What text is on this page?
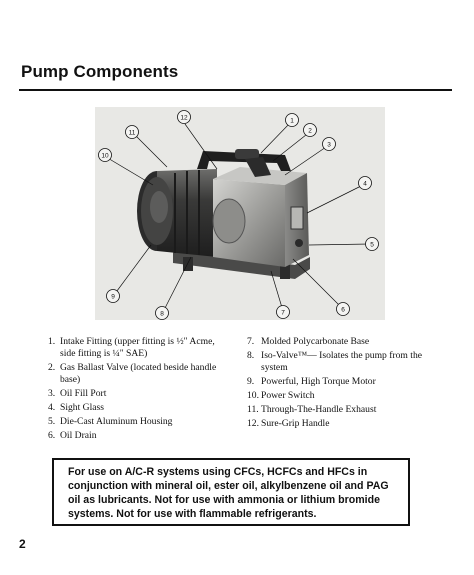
Pump Components
12
11
10
1
2
3
4
5
6
7
8
9
1. Intake Fitting (upper fitting is ½" Acme, side fitting is ¼" SAE)
2. Gas Ballast Valve (located beside handle base)
3. Oil Fill Port
4. Sight Glass
5. Die-Cast Aluminum Housing
6. Oil Drain
7. Molded Polycarbonate Base
8. Iso-Valve™— Isolates the pump from the system
9. Powerful, High Torque Motor
10. Power Switch
11. Through-The-Handle Exhaust
12. Sure-Grip Handle
For use on A/C-R systems using CFCs, HCFCs and HFCs in conjunction with mineral oil, ester oil, alkylbenzene oil and PAG oil as lubricants. Not for use with ammonia or lithium bromide systems. Not for use with flammable refrigerants.
2
